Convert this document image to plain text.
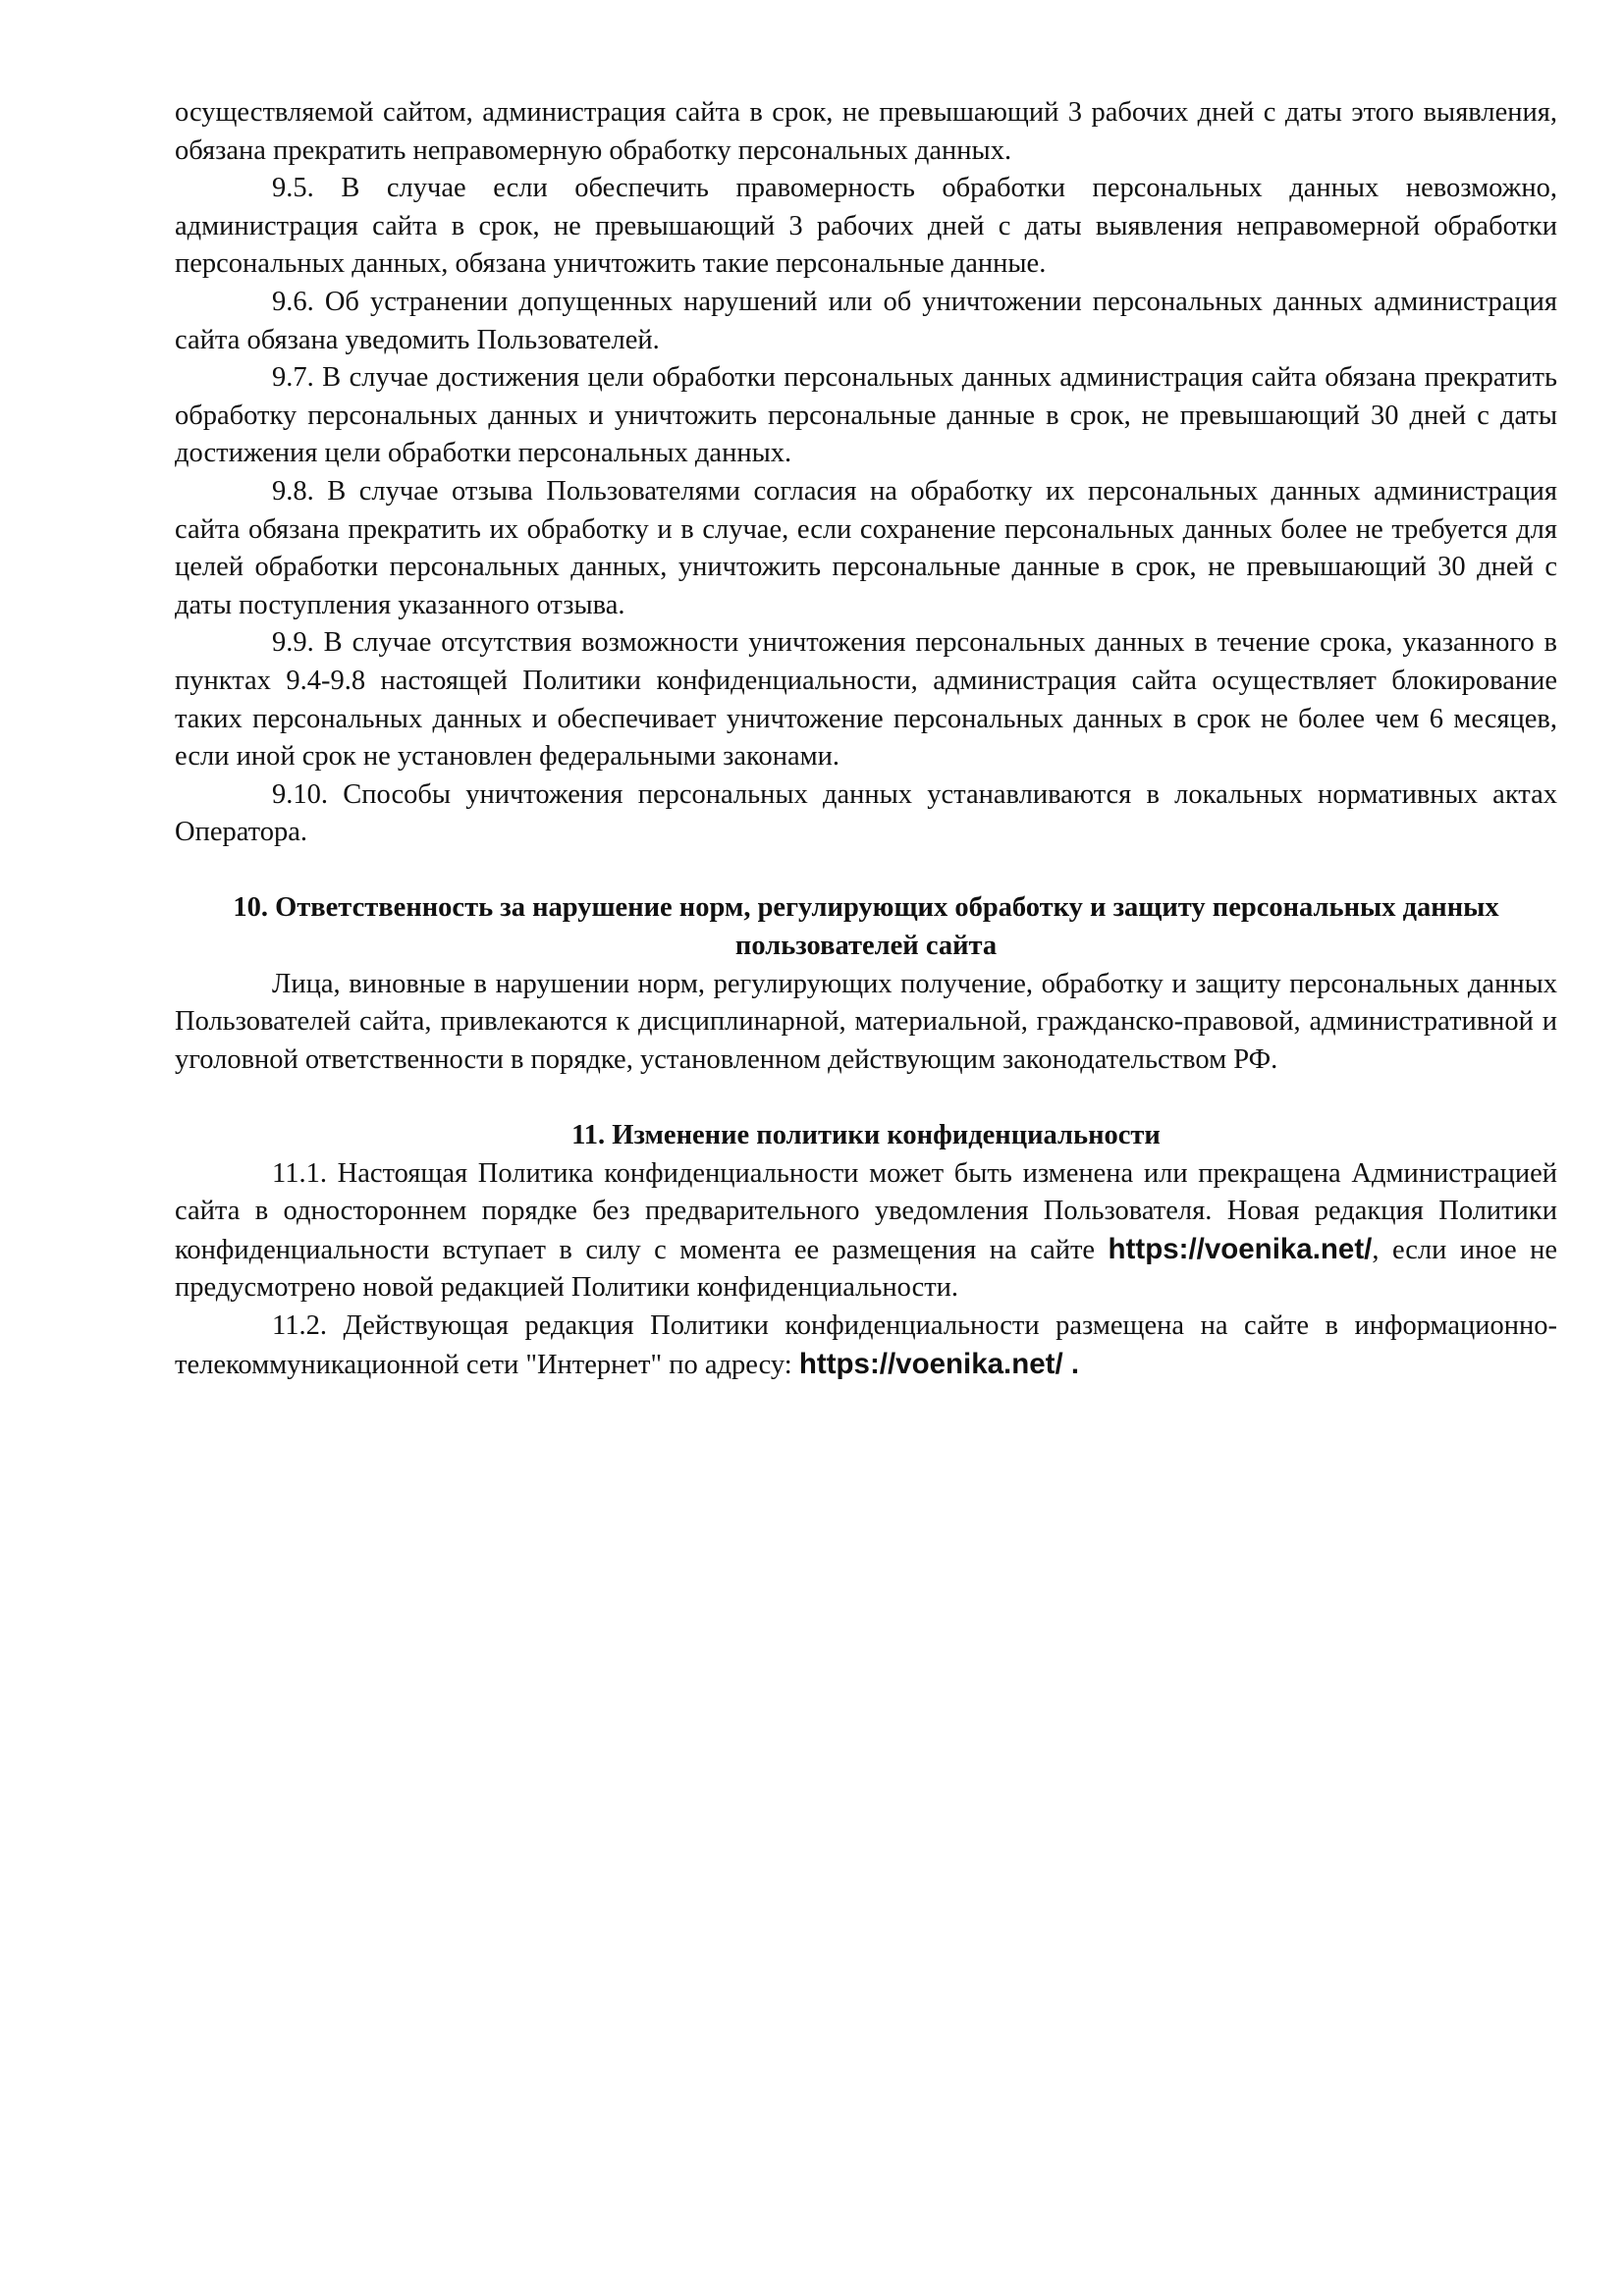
осуществляемой сайтом, администрация сайта в срок, не превышающий 3 рабочих дней с даты этого выявления, обязана прекратить неправомерную обработку персональных данных.

9.5. В случае если обеспечить правомерность обработки персональных данных невозможно, администрация сайта в срок, не превышающий 3 рабочих дней с даты выявления неправомерной обработки персональных данных, обязана уничтожить такие персональные данные.

9.6. Об устранении допущенных нарушений или об уничтожении персональных данных администрация сайта обязана уведомить Пользователей.

9.7. В случае достижения цели обработки персональных данных администрация сайта обязана прекратить обработку персональных данных и уничтожить персональные данные в срок, не превышающий 30 дней с даты достижения цели обработки персональных данных.

9.8. В случае отзыва Пользователями согласия на обработку их персональных данных администрация сайта обязана прекратить их обработку и в случае, если сохранение персональных данных более не требуется для целей обработки персональных данных, уничтожить персональные данные в срок, не превышающий 30 дней с даты поступления указанного отзыва.

9.9. В случае отсутствия возможности уничтожения персональных данных в течение срока, указанного в пунктах 9.4-9.8 настоящей Политики конфиденциальности, администрация сайта осуществляет блокирование таких персональных данных и обеспечивает уничтожение персональных данных в срок не более чем 6 месяцев, если иной срок не установлен федеральными законами.

9.10. Способы уничтожения персональных данных устанавливаются в локальных нормативных актах Оператора.

10. Ответственность за нарушение норм, регулирующих обработку и защиту персональных данных пользователей сайта

Лица, виновные в нарушении норм, регулирующих получение, обработку и защиту персональных данных Пользователей сайта, привлекаются к дисциплинарной, материальной, гражданско-правовой, административной и уголовной ответственности в порядке, установленном действующим законодательством РФ.

11. Изменение политики конфиденциальности

11.1. Настоящая Политика конфиденциальности может быть изменена или прекращена Администрацией сайта в одностороннем порядке без предварительного уведомления Пользователя. Новая редакция Политики конфиденциальности вступает в силу с момента ее размещения на сайте https://voenika.net/, если иное не предусмотрено новой редакцией Политики конфиденциальности.

11.2. Действующая редакция Политики конфиденциальности размещена на сайте в информационно-телекоммуникационной сети "Интернет" по адресу: https://voenika.net/ .
